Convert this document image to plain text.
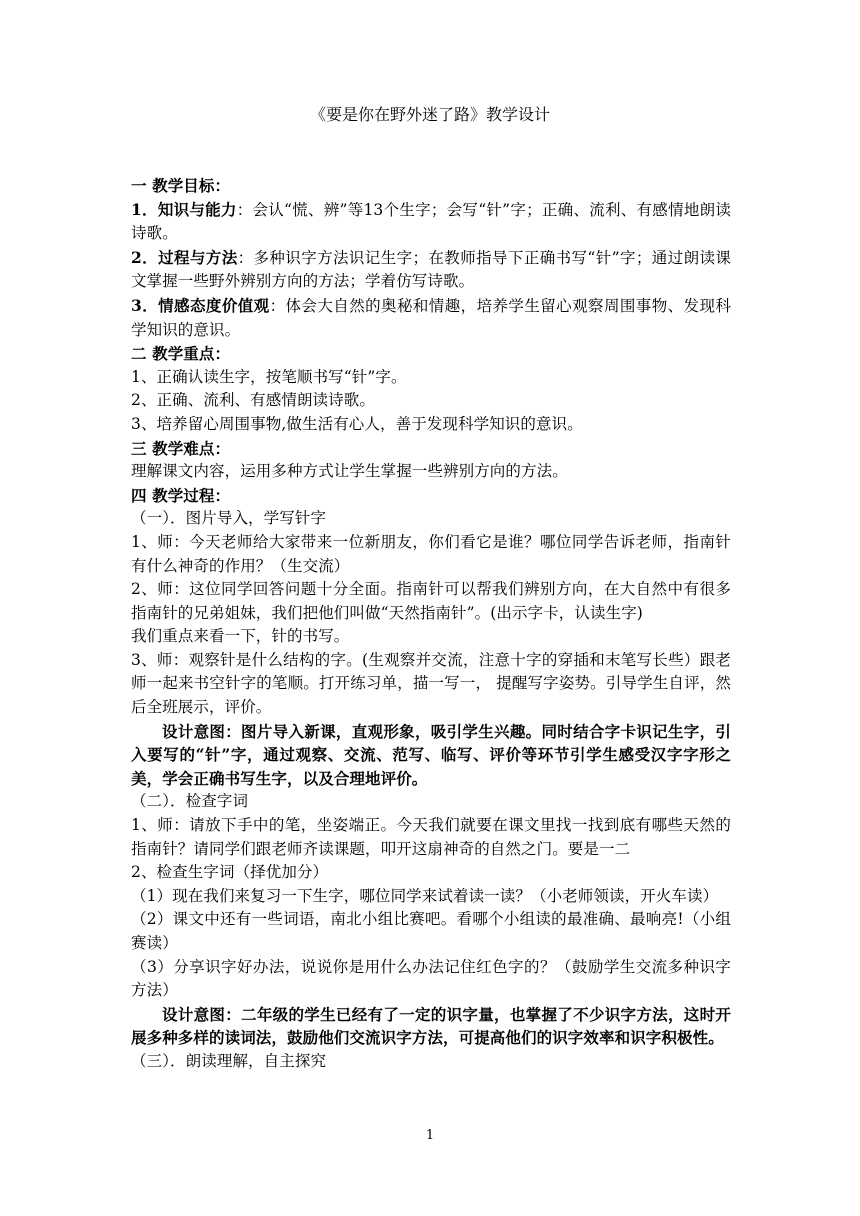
《要是你在野外迷了路》教学设计

一 教学目标：

1．知识与能力：会认“慌、辨”等13个生字；会写“针”字；正确、流利、有感情地朗读诗歌。

2．过程与方法：多种识字方法识记生字；在教师指导下正确书写“针”字；通过朗读课文掌握一些野外辨别方向的方法；学着仿写诗歌。

3．情感态度价值观：体会大自然的奥秘和情趣，培养学生留心观察周围事物、发现科学知识的意识。

二 教学重点：

1、正确认读生字，按笔顺书写“针”字。

2、正确、流利、有感情朗读诗歌。

3、培养留心周围事物,做生活有心人，善于发现科学知识的意识。

三 教学难点：

理解课文内容，运用多种方式让学生掌握一些辨别方向的方法。

四 教学过程：

（一）．图片导入，学写针字

1、师：今天老师给大家带来一位新朋友，你们看它是谁？哪位同学告诉老师，指南针有什么神奇的作用？（生交流）

2、师：这位同学回答问题十分全面。指南针可以帮我们辨别方向，在大自然中有很多指南针的兄弟姐妹，我们把他们叫做“天然指南针”。(出示字卡，认读生字)

我们重点来看一下，针的书写。

3、师：观察针是什么结构的字。(生观察并交流，注意十字的穿插和末笔写长些）跟老师一起来书空针字的笔顺。打开练习单，描一写一， 提醒写字姿势。引导学生自评，然后全班展示，评价。

设计意图：图片导入新课，直观形象，吸引学生兴趣。同时结合字卡识记生字，引入要写的“针”字，通过观察、交流、范写、临写、评价等环节引学生感受汉字字形之美，学会正确书写生字，以及合理地评价。

（二）．检查字词

1、师：请放下手中的笔，坐姿端正。今天我们就要在课文里找一找到底有哪些天然的指南针？请同学们跟老师齐读课题，叩开这扇神奇的自然之门。要是一二

2、检查生字词（择优加分）

（1）现在我们来复习一下生字，哪位同学来试着读一读？（小老师领读，开火车读）

（2）课文中还有一些词语，南北小组比赛吧。看哪个小组读的最准确、最响亮!（小组赛读）

（3）分享识字好办法，说说你是用什么办法记住红色字的？（鼓励学生交流多种识字方法）

设计意图：二年级的学生已经有了一定的识字量，也掌握了不少识字方法，这时开展多种多样的读词法，鼓励他们交流识字方法，可提高他们的识字效率和识字积极性。

（三）．朗读理解，自主探究

1
